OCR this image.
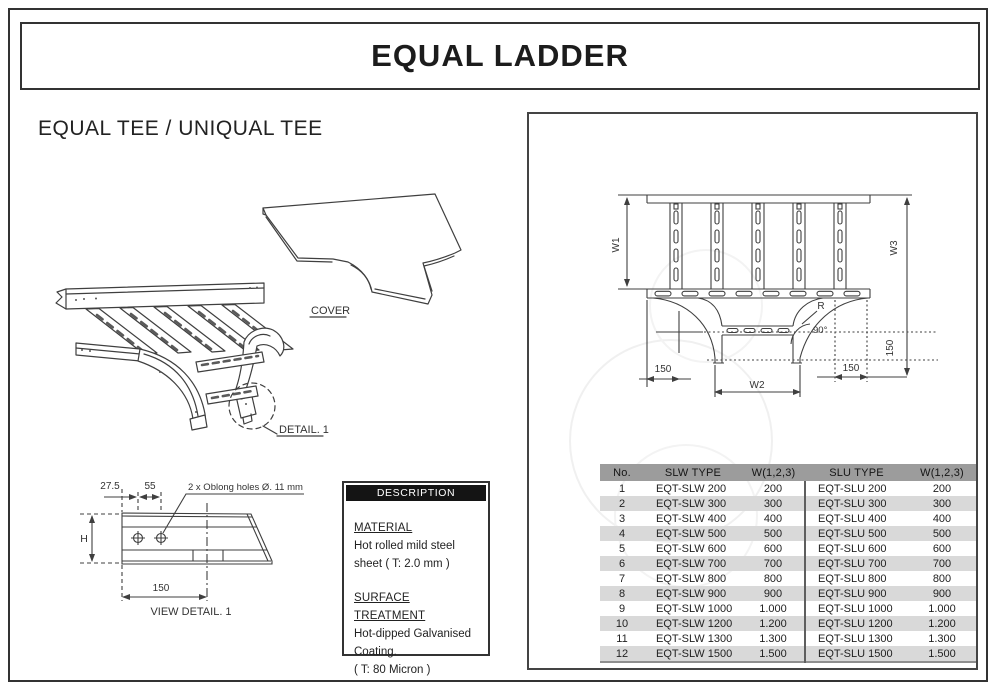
EQUAL LADDER
EQUAL TEE / UNIQUAL TEE
COVER
DETAIL. 1
27.5 55	2 x Oblong holes Ø. 11 mm
H
150
VIEW DETAIL. 1
DESCRIPTION
MATERIAL
Hot rolled mild steel
sheet ( T: 2.0 mm )
SURFACE TREATMENT
Hot-dipped Galvanised
Coating.
( T: 80 Micron )
W1	W3
R
90°
150
150
150
W2
No.	SLW TYPE	W(1,2,3)	SLU TYPE	W(1,2,3)
1	EQT-SLW 200	200	EQT-SLU 200	200
2	EQT-SLW 300	300	EQT-SLU 300	300
3	EQT-SLW 400	400	EQT-SLU 400	400
4	EQT-SLW 500	500	EQT-SLU 500	500
5	EQT-SLW 600	600	EQT-SLU 600	600
6	EQT-SLW 700	700	EQT-SLU 700	700
7	EQT-SLW 800	800	EQT-SLU 800	800
8	EQT-SLW 900	900	EQT-SLU 900	900
9	EQT-SLW 1000	1.000	EQT-SLU 1000	1.000
10	EQT-SLW 1200	1.200	EQT-SLU 1200	1.200
11	EQT-SLW 1300	1.300	EQT-SLU 1300	1.300
12	EQT-SLW 1500	1.500	EQT-SLU 1500	1.500
